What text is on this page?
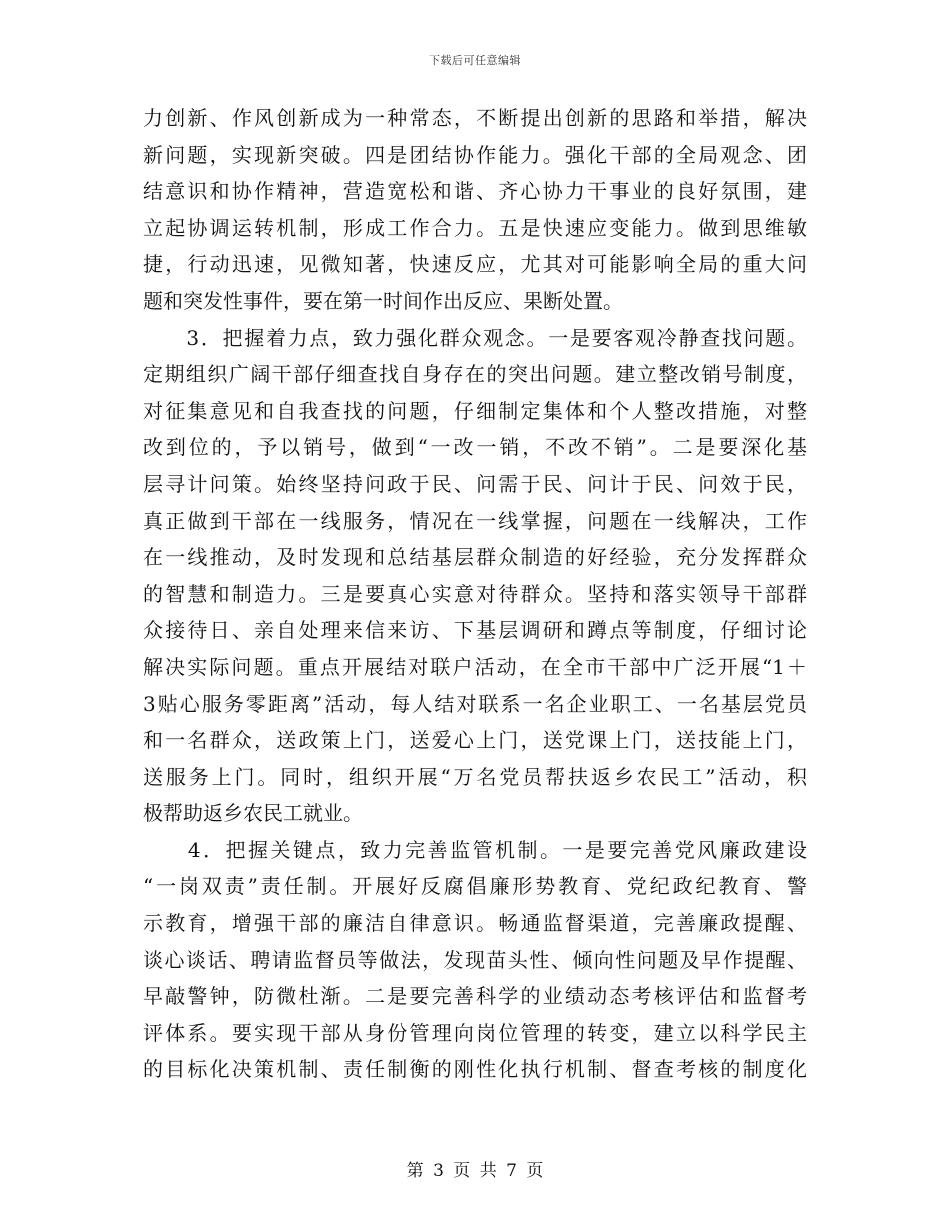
下载后可任意编辑
力创新、作风创新成为一种常态，不断提出创新的思路和举措，解决
新问题，实现新突破。四是团结协作能力。强化干部的全局观念、团
结意识和协作精神，营造宽松和谐、齐心协力干事业的良好氛围，建
立起协调运转机制，形成工作合力。五是快速应变能力。做到思维敏
捷，行动迅速，见微知著，快速反应，尤其对可能影响全局的重大问
题和突发性事件，要在第一时间作出反应、果断处置。
　　3．把握着力点，致力强化群众观念。一是要客观冷静查找问题。
定期组织广阔干部仔细查找自身存在的突出问题。建立整改销号制度，
对征集意见和自我查找的问题，仔细制定集体和个人整改措施，对整
改到位的，予以销号，做到“一改一销，不改不销”。二是要深化基
层寻计问策。始终坚持问政于民、问需于民、问计于民、问效于民，
真正做到干部在一线服务，情况在一线掌握，问题在一线解决，工作
在一线推动，及时发现和总结基层群众制造的好经验，充分发挥群众
的智慧和制造力。三是要真心实意对待群众。坚持和落实领导干部群
众接待日、亲自处理来信来访、下基层调研和蹲点等制度，仔细讨论
解决实际问题。重点开展结对联户活动，在全市干部中广泛开展“1＋
3贴心服务零距离”活动，每人结对联系一名企业职工、一名基层党员
和一名群众，送政策上门，送爱心上门，送党课上门，送技能上门，
送服务上门。同时，组织开展“万名党员帮扶返乡农民工”活动，积
极帮助返乡农民工就业。
　　4．把握关键点，致力完善监管机制。一是要完善党风廉政建设
“一岗双责”责任制。开展好反腐倡廉形势教育、党纪政纪教育、警
示教育，增强干部的廉洁自律意识。畅通监督渠道，完善廉政提醒、
谈心谈话、聘请监督员等做法，发现苗头性、倾向性问题及早作提醒、
早敲警钟，防微杜渐。二是要完善科学的业绩动态考核评估和监督考
评体系。要实现干部从身份管理向岗位管理的转变，建立以科学民主
的目标化决策机制、责任制衡的刚性化执行机制、督查考核的制度化
第 3 页 共 7 页
